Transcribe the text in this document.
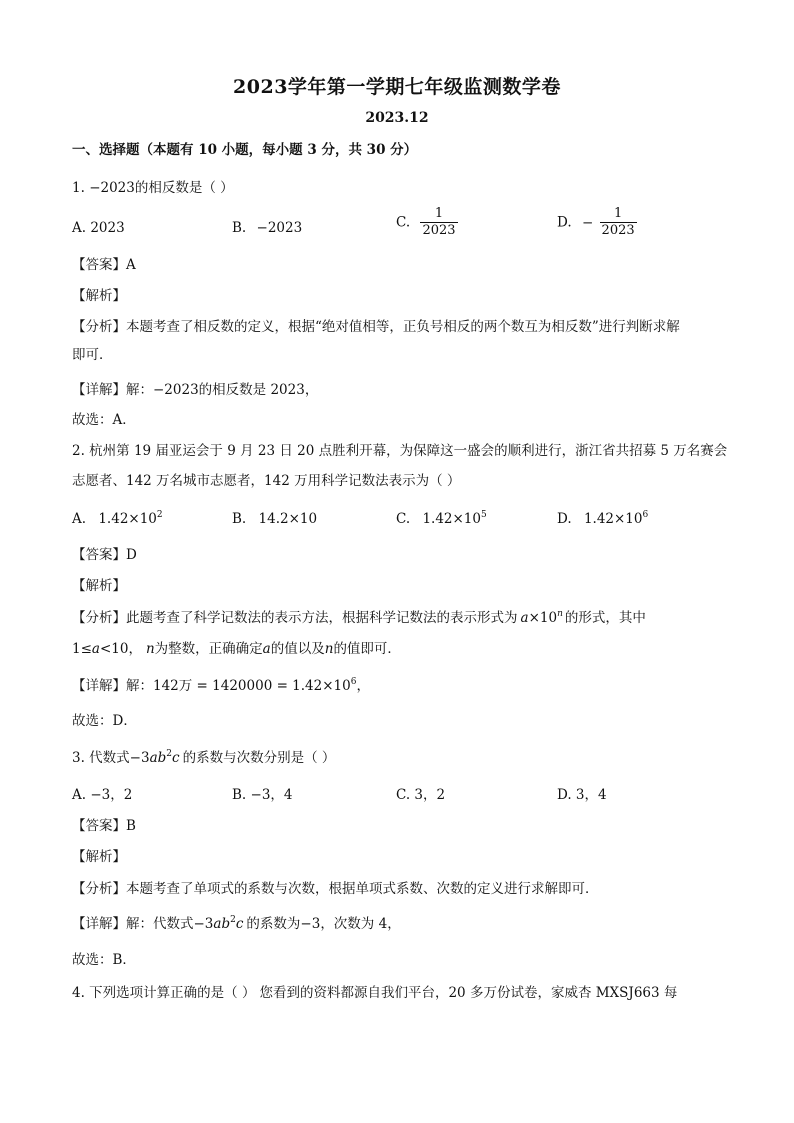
2023学年第一学期七年级监测数学卷
2023.12
一、选择题（本题有 10 小题，每小题 3 分，共 30 分）
1. −2023的相反数是（ ）
A. 2023	B. −2023	C. $\frac{1}{2023}$	D. − $\frac{1}{2023}$
【答案】A
【解析】
【分析】本题考查了相反数的定义，根据“绝对值相等，正负号相反的两个数互为相反数”进行判断求解
即可．
【详解】解：−2023的相反数是 2023，
故选：A．
2. 杭州第 19 届亚运会于 9 月 23 日 20 点胜利开幕，为保障这一盛会的顺利进行，浙江省共招募 5 万名赛会
志愿者、142 万名城市志愿者，142 万用科学记数法表示为（ ）
A. $1.42\times 10^2$	B. 14.2×10	C. $1.42\times 10^5$	D. $1.42\times 10^6$
【答案】D
【解析】
【分析】此题考查了科学记数法的表示方法，根据科学记数法的表示形式为 $a\times 10^n$ 的形式，其中
1≤a<10， n为整数，正确确定a的值以及n的值即可．
【详解】解：142万 = $1420000 = 1.42\times 10^6$，
故选：D．
3. 代数式$-3ab^2c$ 的系数与次数分别是（ ）
A. −3，2	B. −3，4	C. 3，2	D. 3，4
【答案】B
【解析】
【分析】本题考查了单项式的系数与次数，根据单项式系数、次数的定义进行求解即可．
【详解】解：代数式$-3ab^2c$ 的系数为−3，次数为 4，
故选：B．
4. 下列选项计算正确的是（ ） 您看到的资料都源自我们平台，20 多万份试卷，家威杏 MXSJ663 每
